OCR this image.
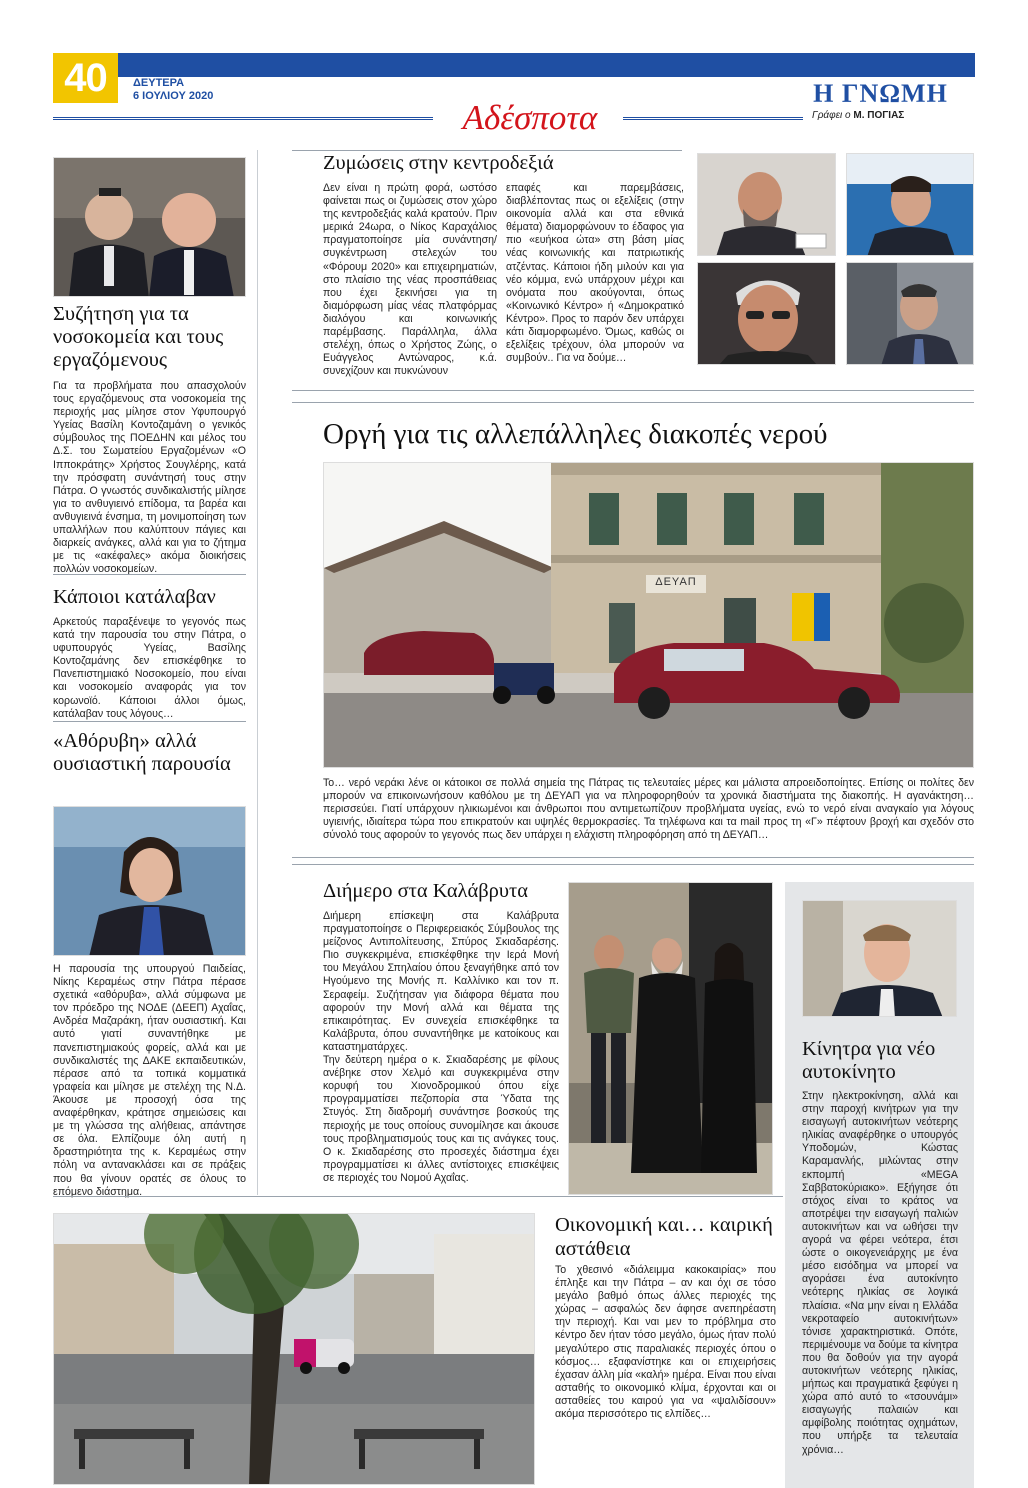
40 ΔΕΥΤΕΡΑ
6 ΙΟΥΛΙΟΥ 2020
Αδέσποτα
Η ΓΝΩΜΗ
Γράφει ο Μ. ΠΟΓΙΑΣ
Συζήτηση για τα νοσοκομεία και τους εργαζόμενους
Για τα προβλήματα που απασχολούν τους εργαζόμενους στα νοσοκομεία της περιοχής μας μίλησε στον Υφυπουργό Υγείας Βασίλη Κοντοζαμάνη ο γενικός σύμβουλος της ΠΟΕΔΗΝ και μέλος του Δ.Σ. του Σωματείου Εργαζομένων «Ο Ιπποκράτης» Χρήστος Σουγλέρης, κατά την πρόσφατη συνάντησή τους στην Πάτρα. Ο γνωστός συνδικαλιστής μίλησε για το ανθυγιεινό επίδομα, τα βαρέα και ανθυγιεινά ένσημα, τη μονιμοποίηση των υπαλλήλων που καλύπτουν πάγιες και διαρκείς ανάγκες, αλλά και για το ζήτημα με τις «ακέφαλες» ακόμα διοικήσεις πολλών νοσοκομείων.
Κάποιοι κατάλαβαν
Αρκετούς παραξένεψε το γεγονός πως κατά την παρουσία του στην Πάτρα, ο υφυπουργός Υγείας, Βασίλης Κοντοζαμάνης δεν επισκέφθηκε το Πανεπιστημιακό Νοσοκομείο, που είναι και νοσοκομείο αναφοράς για τον κορωνοϊό. Κάποιοι άλλοι όμως, κατάλαβαν τους λόγους…
«Αθόρυβη» αλλά ουσιαστική παρουσία
Η παρουσία της υπουργού Παιδείας, Νίκης Κεραμέως στην Πάτρα πέρασε σχετικά «αθόρυβα», αλλά σύμφωνα με τον πρόεδρο της ΝΟΔΕ (ΔΕΕΠ) Αχαΐας, Ανδρέα Μαζαράκη, ήταν ουσιαστική. Και αυτό γιατί συναντήθηκε με πανεπιστημιακούς φορείς, αλλά και με συνδικαλιστές της ΔΑΚΕ εκπαιδευτικών, πέρασε από τα τοπικά κομματικά γραφεία και μίλησε με στελέχη της Ν.Δ. Άκουσε με προσοχή όσα της αναφέρθηκαν, κράτησε σημειώσεις και με τη γλώσσα της αλήθειας, απάντησε σε όλα. Ελπίζουμε όλη αυτή η δραστηριότητα της κ. Κεραμέως στην πόλη να αντανακλάσει και σε πράξεις που θα γίνουν ορατές σε όλους το επόμενο διάστημα.
Ζυμώσεις στην κεντροδεξιά
Δεν είναι η πρώτη φορά, ωστόσο φαίνεται πως οι ζυμώσεις στον χώρο της κεντροδεξιάς καλά κρατούν. Πριν μερικά 24ωρα, ο Νίκος Καραχάλιος πραγματοποίησε μία συνάντηση/συγκέντρωση στελεχών του «Φόρουμ 2020» και επιχειρηματιών, στο πλαίσιο της νέας προσπάθειας που έχει ξεκινήσει για τη διαμόρφωση μίας νέας πλατφόρμας διαλόγου και κοινωνικής παρέμβασης. Παράλληλα, άλλα στελέχη, όπως ο Χρήστος Ζώης, ο Ευάγγελος Αντώναρος, κ.ά. συνεχίζουν και πυκνώνουν
επαφές και παρεμβάσεις, διαβλέποντας πως οι εξελίξεις (στην οικονομία αλλά και στα εθνικά θέματα) διαμορφώνουν το έδαφος για πιο «ευήκοα ώτα» στη βάση μίας νέας κοινωνικής και πατριωτικής ατζέντας. Κάποιοι ήδη μιλούν και για νέο κόμμα, ενώ υπάρχουν μέχρι και ονόματα που ακούγονται, όπως «Κοινωνικό Κέντρο» ή «Δημοκρατικό Κέντρο». Προς το παρόν δεν υπάρχει κάτι διαμορφωμένο. Όμως, καθώς οι εξελίξεις τρέχουν, όλα μπορούν να συμβούν.. Για να δούμε…
Οργή για τις αλλεπάλληλες διακοπές νερού
ΔΕΥΑΠ
Το… νερό νεράκι λένε οι κάτοικοι σε πολλά σημεία της Πάτρας τις τελευταίες μέρες και μάλιστα απροειδοποίητες. Επίσης οι πολίτες δεν μπορούν να επικοινωνήσουν καθόλου με τη ΔΕΥΑΠ για να πληροφορηθούν τα χρονικά διαστήματα της διακοπής. Η αγανάκτηση… περισσεύει. Γιατί υπάρχουν ηλικιωμένοι και άνθρωποι που αντιμετωπίζουν προβλήματα υγείας, ενώ το νερό είναι αναγκαίο για λόγους υγιεινής, ιδιαίτερα τώρα που επικρατούν και υψηλές θερμοκρασίες. Τα τηλέφωνα και τα mail προς τη «Γ» πέφτουν βροχή και σχεδόν στο σύνολό τους αφορούν το γεγονός πως δεν υπάρχει η ελάχιστη πληροφόρηση από τη ΔΕΥΑΠ…
Διήμερο στα Καλάβρυτα
Διήμερη επίσκεψη στα Καλάβρυτα πραγματοποίησε ο Περιφερειακός Σύμβουλος της μείζονος Αντιπολίτευσης, Σπύρος Σκιαδαρέσης. Πιο συγκεκριμένα, επισκέφθηκε την Ιερά Μονή του Μεγάλου Σπηλαίου όπου ξεναγήθηκε από τον Ηγούμενο της Μονής π. Καλλίνικο και τον π. Σεραφείμ. Συζήτησαν για διάφορα θέματα που αφορούν την Μονή αλλά και θέματα της επικαιρότητας. Εν συνεχεία επισκέφθηκε τα Καλάβρυτα, όπου συναντήθηκε με κατοίκους και καταστηματάρχες.
Την δεύτερη ημέρα ο κ. Σκιαδαρέσης με φίλους ανέβηκε στον Χελμό και συγκεκριμένα στην κορυφή του Χιονοδρομικού όπου είχε προγραμματίσει πεζοπορία στα Ύδατα της Στυγός. Στη διαδρομή συνάντησε βοσκούς της περιοχής με τους οποίους συνομίλησε και άκουσε τους προβληματισμούς τους και τις ανάγκες τους. Ο κ. Σκιαδαρέσης στο προσεχές διάστημα έχει προγραμματίσει κι άλλες αντίστοιχες επισκέψεις σε περιοχές του Νομού Αχαΐας.
Κίνητρα για νέο αυτοκίνητο
Στην ηλεκτροκίνηση, αλλά και στην παροχή κινήτρων για την εισαγωγή αυτοκινήτων νεότερης ηλικίας αναφέρθηκε ο υπουργός Υποδομών, Κώστας Καραμανλής, μιλώντας στην εκπομπή «MEGA Σαββατοκύριακο». Εξήγησε ότι στόχος είναι το κράτος να αποτρέψει την εισαγωγή παλιών αυτοκινήτων και να ωθήσει την αγορά να φέρει νεότερα, έτσι ώστε ο οικογενειάρχης με ένα μέσο εισόδημα να μπορεί να αγοράσει ένα αυτοκίνητο νεότερης ηλικίας σε λογικά πλαίσια. «Να μην είναι η Ελλάδα νεκροταφείο αυτοκινήτων» τόνισε χαρακτηριστικά. Οπότε, περιμένουμε να δούμε τα κίνητρα που θα δοθούν για την αγορά αυτοκινήτων νεότερης ηλικίας, μήπως και πραγματικά ξεφύγει η χώρα από αυτό το «τσουνάμι» εισαγωγής παλαιών και αμφίβολης ποιότητας οχημάτων, που υπήρξε τα τελευταία χρόνια…
Οικονομική και… καιρική αστάθεια
Το χθεσινό «διάλειμμα κακοκαιρίας» που έπληξε και την Πάτρα – αν και όχι σε τόσο μεγάλο βαθμό όπως άλλες περιοχές της χώρας – ασφαλώς δεν άφησε ανεπηρέαστη την περιοχή. Και ναι μεν το πρόβλημα στο κέντρο δεν ήταν τόσο μεγάλο, όμως ήταν πολύ μεγαλύτερο στις παραλιακές περιοχές όπου ο κόσμος… εξαφανίστηκε και οι επιχειρήσεις έχασαν άλλη μία «καλή» ημέρα. Είναι που είναι ασταθής το οικονομικό κλίμα, έρχονται και οι ασταθείες του καιρού για να «ψαλιδίσουν» ακόμα περισσότερο τις ελπίδες…
